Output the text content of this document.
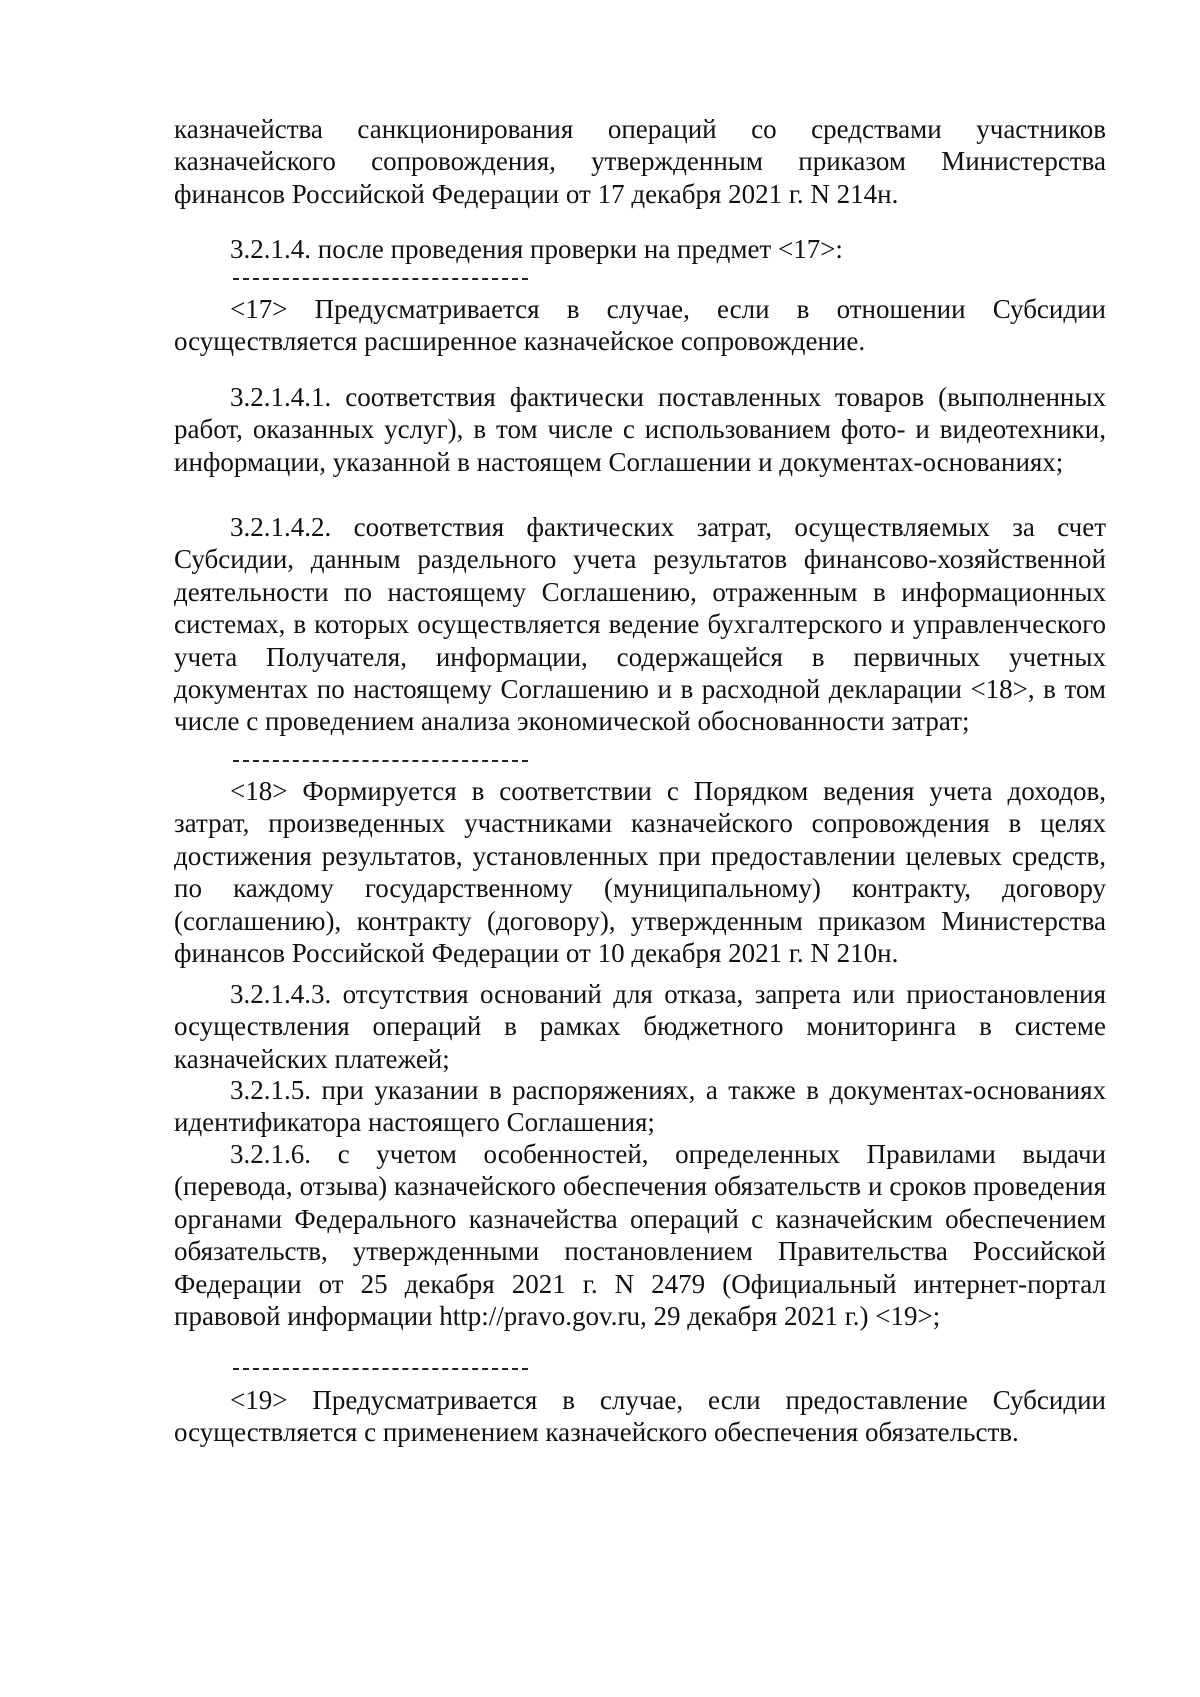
казначейства санкционирования операций со средствами участников казначейского сопровождения, утвержденным приказом Министерства финансов Российской Федерации от 17 декабря 2021 г. N 214н.

3.2.1.4. после проведения проверки на предмет <17>:

<17> Предусматривается в случае, если в отношении Субсидии осуществляется расширенное казначейское сопровождение.

3.2.1.4.1. соответствия фактически поставленных товаров (выполненных работ, оказанных услуг), в том числе с использованием фото- и видеотехники, информации, указанной в настоящем Соглашении и документах-основаниях;

3.2.1.4.2. соответствия фактических затрат, осуществляемых за счет Субсидии, данным раздельного учета результатов финансово-хозяйственной деятельности по настоящему Соглашению, отраженным в информационных системах, в которых осуществляется ведение бухгалтерского и управленческого учета Получателя, информации, содержащейся в первичных учетных документах по настоящему Соглашению и в расходной декларации <18>, в том числе с проведением анализа экономической обоснованности затрат;

<18> Формируется в соответствии с Порядком ведения учета доходов, затрат, произведенных участниками казначейского сопровождения в целях достижения результатов, установленных при предоставлении целевых средств, по каждому государственному (муниципальному) контракту, договору (соглашению), контракту (договору), утвержденным приказом Министерства финансов Российской Федерации от 10 декабря 2021 г. N 210н.

3.2.1.4.3. отсутствия оснований для отказа, запрета или приостановления осуществления операций в рамках бюджетного мониторинга в системе казначейских платежей;

3.2.1.5. при указании в распоряжениях, а также в документах-основаниях идентификатора настоящего Соглашения;

3.2.1.6. с учетом особенностей, определенных Правилами выдачи (перевода, отзыва) казначейского обеспечения обязательств и сроков проведения органами Федерального казначейства операций с казначейским обеспечением обязательств, утвержденными постановлением Правительства Российской Федерации от 25 декабря 2021 г. N 2479 (Официальный интернет-портал правовой информации http://pravo.gov.ru, 29 декабря 2021 г.) <19>;

<19> Предусматривается в случае, если предоставление Субсидии осуществляется с применением казначейского обеспечения обязательств.
